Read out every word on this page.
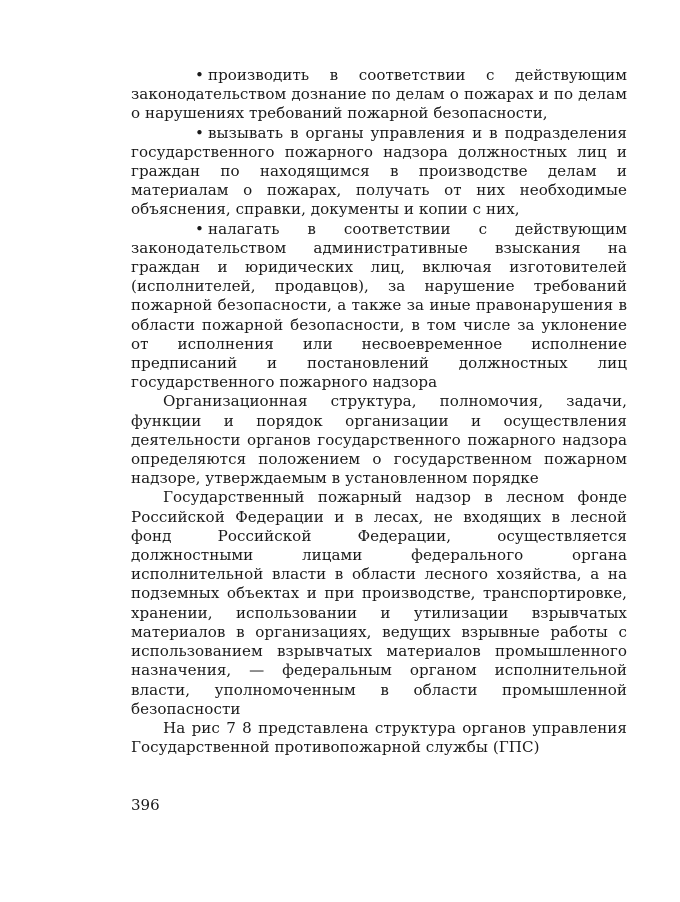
• производить в соответствии с действующим законодательством дознание по делам о пожарах и по делам о нарушениях требований пожарной безопасности,

• вызывать в органы управления и в подразделения государственного пожарного надзора должностных лиц и граждан по находящимся в производстве делам и материалам о пожарах, получать от них необходимые объяснения, справки, документы и копии с них,

• налагать в соответствии с действующим законодательством административные взыскания на граждан и юридических лиц, включая изготовителей (исполнителей, продавцов), за нарушение требований пожарной безопасности, а также за иные правонарушения в области пожарной безопасности, в том числе за уклонение от исполнения или несвоевременное исполнение предписаний и постановлений должностных лиц государственного пожарного надзора

Организационная структура, полномочия, задачи, функции и порядок организации и осуществления деятельности органов государственного пожарного надзора определяются положением о государственном пожарном надзоре, утверждаемым в установленном порядке

Государственный пожарный надзор в лесном фонде Российской Федерации и в лесах, не входящих в лесной фонд Российской Федерации, осуществляется должностными лицами федерального органа исполнительной власти в области лесного хозяйства, а на подземных объектах и при производстве, транспортировке, хранении, использовании и утилизации взрывчатых материалов в организациях, ведущих взрывные работы с использованием взрывчатых материалов промышленного назначения, — федеральным органом исполнительной власти, уполномоченным в области промышленной безопасности

На рис 7 8 представлена структура органов управления Государственной противопожарной службы (ГПС)

396
